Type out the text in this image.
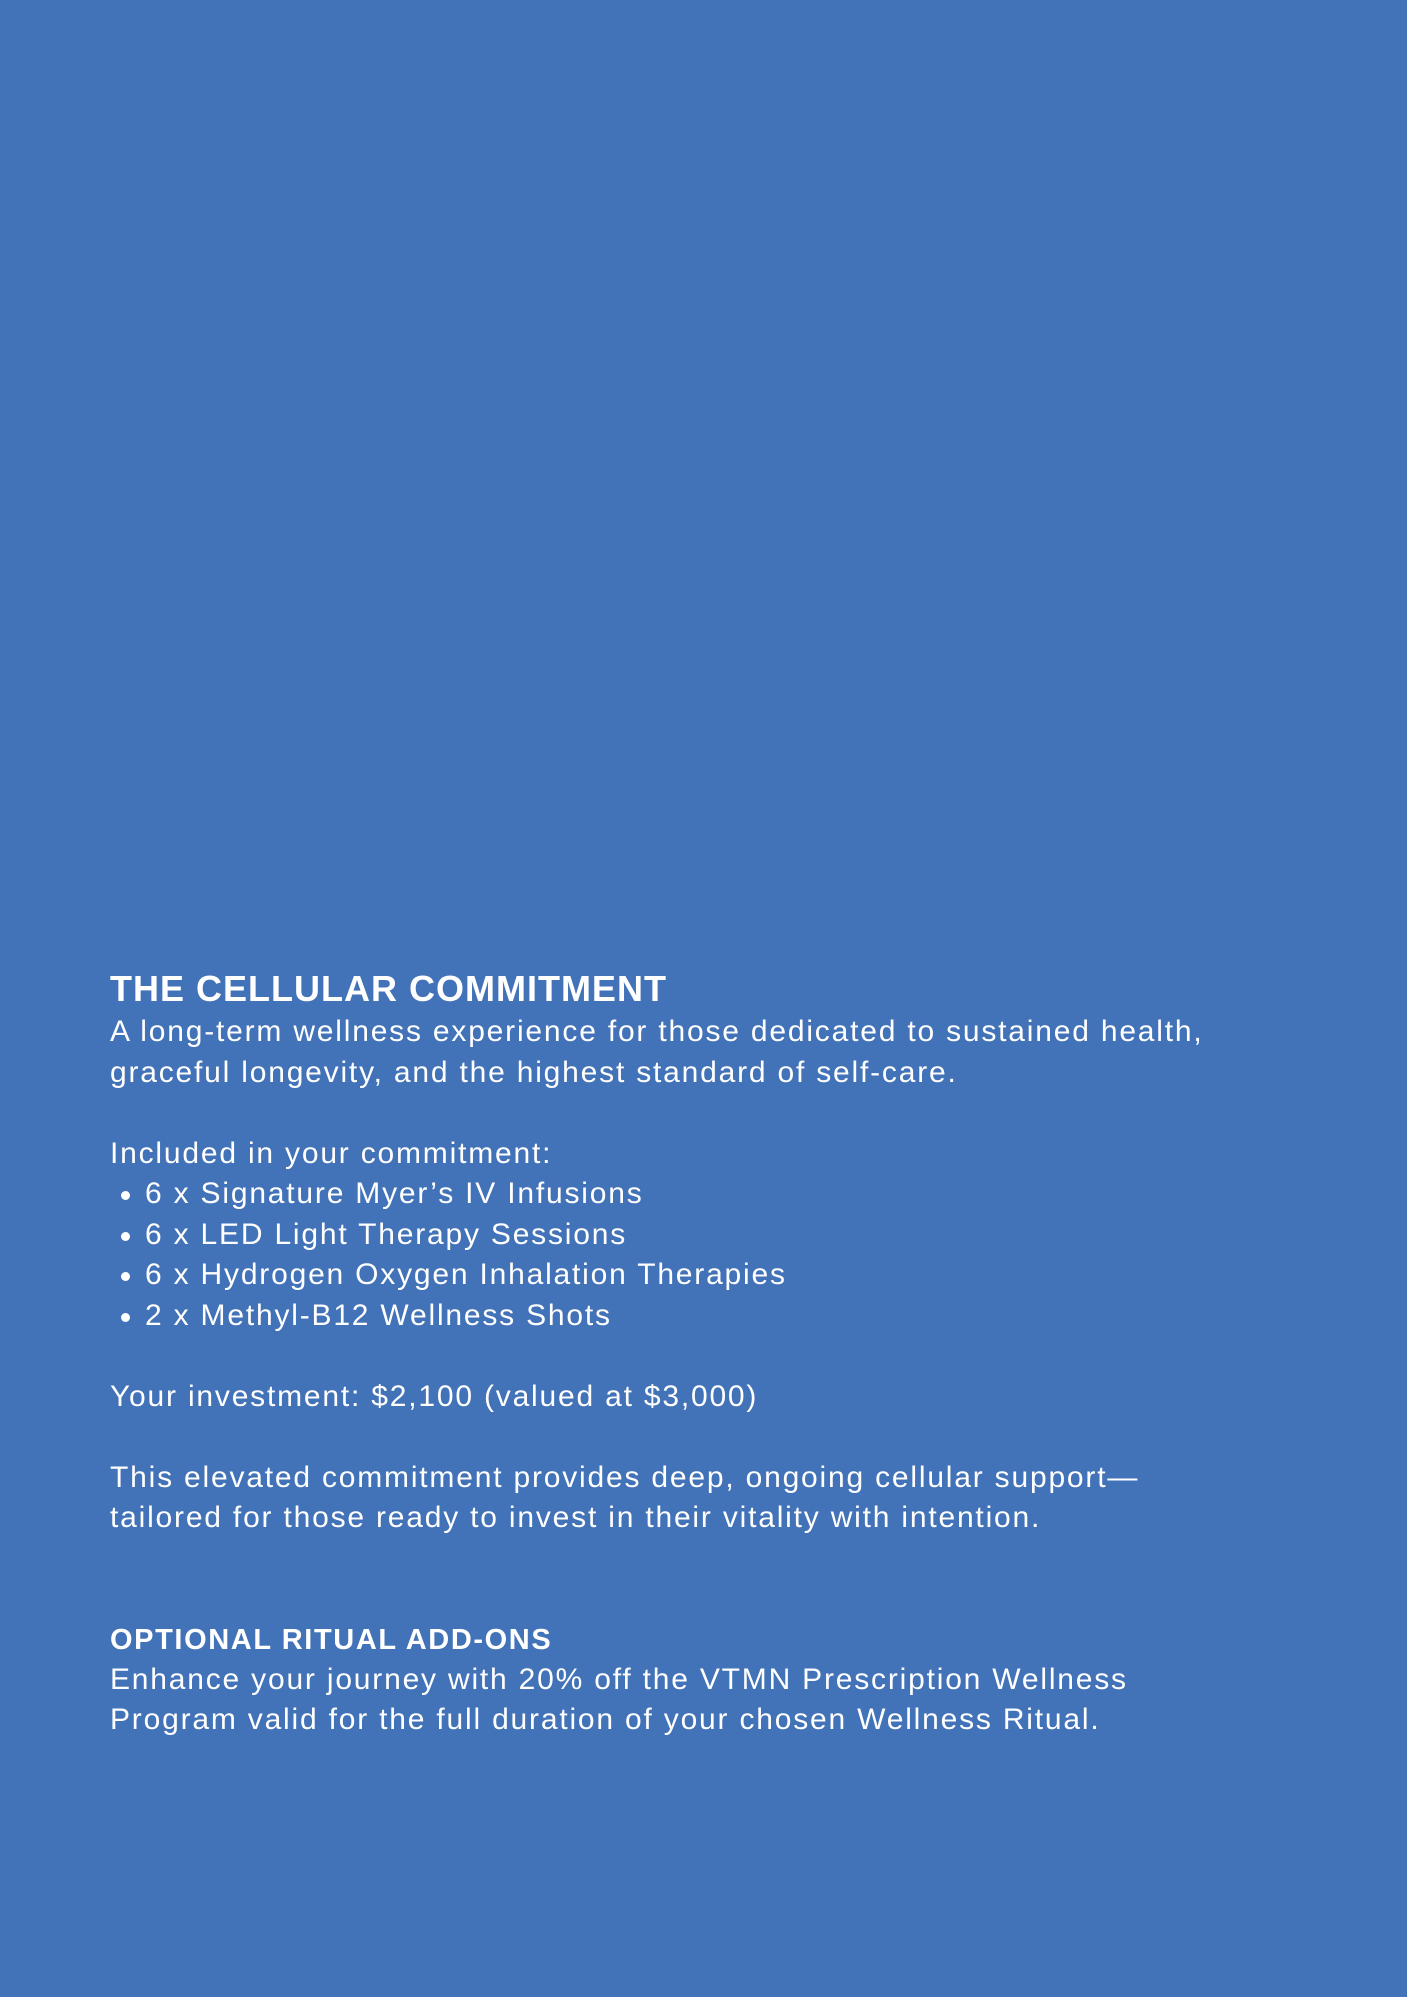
THE CELLULAR COMMITMENT

A long-term wellness experience for those dedicated to sustained health,

graceful longevity, and the highest standard of self-care.

Included in your commitment:

6 x Signature Myer’s IV Infusions
6 x LED Light Therapy Sessions
6 x Hydrogen Oxygen Inhalation Therapies
2 x Methyl-B12 Wellness Shots

Your investment: $2,100 (valued at $3,000)

This elevated commitment provides deep, ongoing cellular support—

tailored for those ready to invest in their vitality with intention.

OPTIONAL RITUAL ADD-ONS

Enhance your journey with 20% off the VTMN Prescription Wellness

Program valid for the full duration of your chosen Wellness Ritual.
